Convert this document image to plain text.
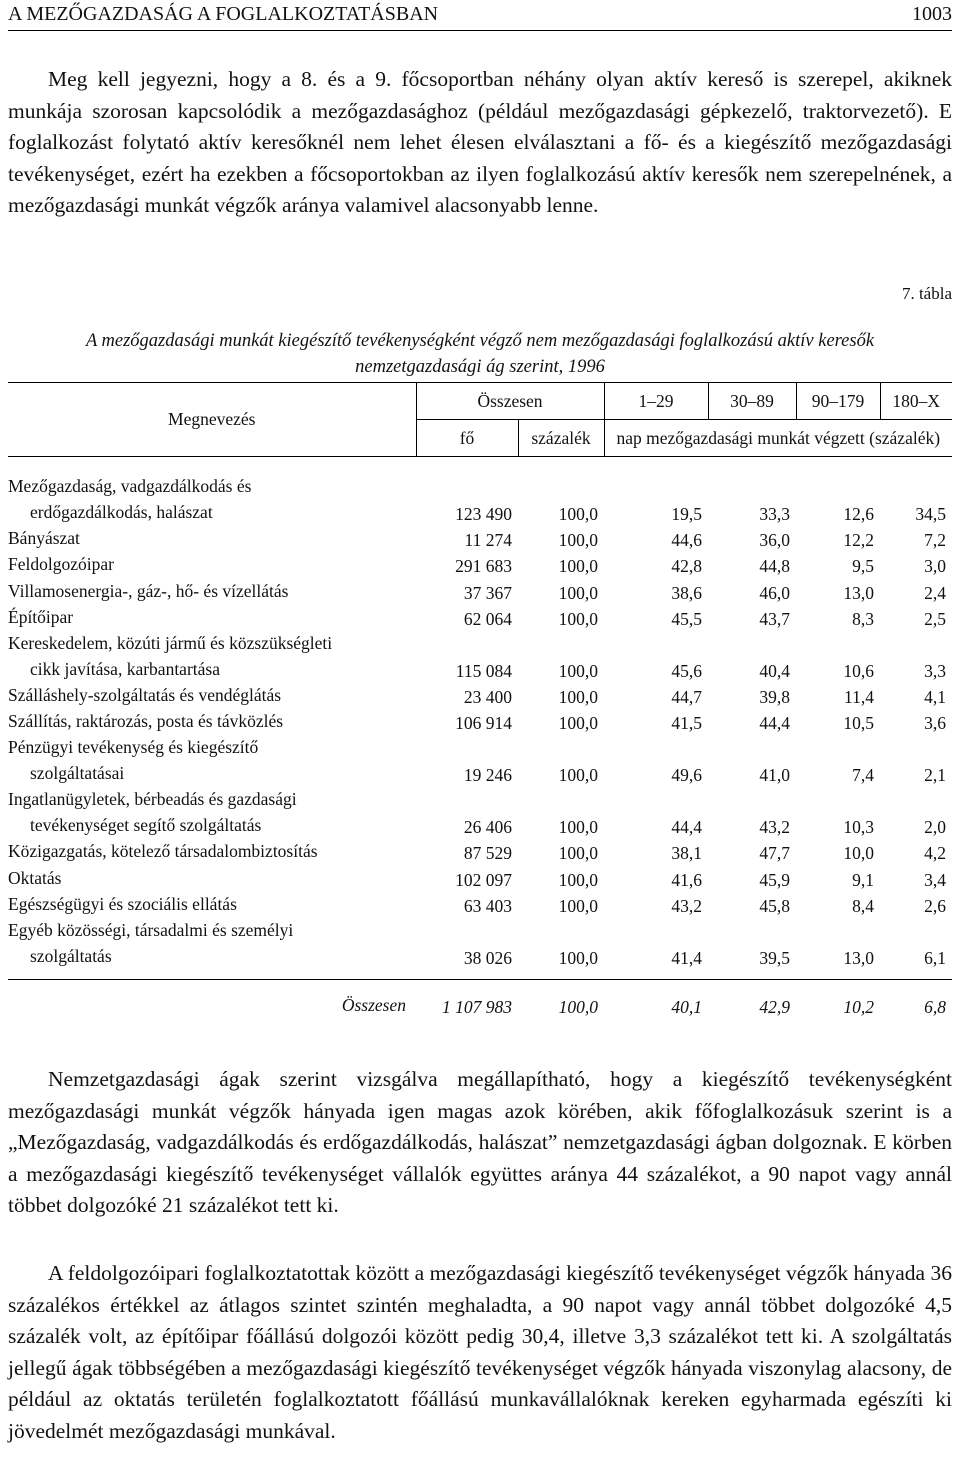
A MEZŐGAZDASÁG A FOGLALKOZTATÁSBAN	1003

Meg kell jegyezni, hogy a 8. és a 9. főcsoportban néhány olyan aktív kereső is szerepel, akiknek munkája szorosan kapcsolódik a mezőgazdasághoz (például mezőgazdasági gépkezelő, traktorvezető). E foglalkozást folytató aktív keresőknél nem lehet élesen elválasztani a fő- és a kiegészítő mezőgazdasági tevékenységet, ezért ha ezekben a főcsoportokban az ilyen foglalkozású aktív keresők nem szerepelnének, a mezőgazdasági munkát végzők aránya valamivel alacsonyabb lenne.

7. tábla
A mezőgazdasági munkát kiegészítő tevékenységként végző nem mezőgazdasági foglalkozású aktív keresők
nemzetgazdasági ág szerint, 1996
Megnevezés	Összesen		1–29	30–89	90–179	180–X
	fő	százalék	nap mezőgazdasági munkát végzett (százalék)			

Mezőgazdaság, vadgazdálkodás és
erdőgazdálkodás, halászat	123 490	100,0	19,5	33,3	12,6	34,5
Bányászat	11 274	100,0	44,6	36,0	12,2	7,2
Feldolgozóipar	291 683	100,0	42,8	44,8	9,5	3,0
Villamosenergia-, gáz-, hő- és vízellátás	37 367	100,0	38,6	46,0	13,0	2,4
Építőipar	62 064	100,0	45,5	43,7	8,3	2,5
Kereskedelem, közúti jármű és közszükségleti
cikk javítása, karbantartása	115 084	100,0	45,6	40,4	10,6	3,3
Szálláshely-szolgáltatás és vendéglátás	23 400	100,0	44,7	39,8	11,4	4,1
Szállítás, raktározás, posta és távközlés	106 914	100,0	41,5	44,4	10,5	3,6
Pénzügyi tevékenység és kiegészítő
szolgáltatásai	19 246	100,0	49,6	41,0	7,4	2,1
Ingatlanügyletek, bérbeadás és gazdasági
tevékenységet segítő szolgáltatás	26 406	100,0	44,4	43,2	10,3	2,0
Közigazgatás, kötelező társadalombiztosítás	87 529	100,0	38,1	47,7	10,0	4,2
Oktatás	102 097	100,0	41,6	45,9	9,1	3,4
Egészségügyi és szociális ellátás	63 403	100,0	43,2	45,8	8,4	2,6
Egyéb közösségi, társadalmi és személyi
szolgáltatás	38 026	100,0	41,4	39,5	13,0	6,1

Összesen	1 107 983	100,0	40,1	42,9	10,2	6,8

Nemzetgazdasági ágak szerint vizsgálva megállapítható, hogy a kiegészítő tevékenységként mezőgazdasági munkát végzők hányada igen magas azok körében, akik főfoglalkozásuk szerint is a „Mezőgazdaság, vadgazdálkodás és erdőgazdálkodás, halászat” nemzetgazdasági ágban dolgoznak. E körben a mezőgazdasági kiegészítő tevékenységet vállalók együttes aránya 44 százalékot, a 90 napot vagy annál többet dolgozóké 21 százalékot tett ki.

A feldolgozóipari foglalkoztatottak között a mezőgazdasági kiegészítő tevékenységet végzők hányada 36 százalékos értékkel az átlagos szintet szintén meghaladta, a 90 napot vagy annál többet dolgozóké 4,5 százalék volt, az építőipar főállású dolgozói között pedig 30,4, illetve 3,3 százalékot tett ki. A szolgáltatás jellegű ágak többségében a mezőgazdasági kiegészítő tevékenységet végzők hányada viszonylag alacsony, de például az oktatás területén foglalkoztatott főállású munkavállalóknak kereken egyharmada egészíti ki jövedelmét mezőgazdasági munkával.
